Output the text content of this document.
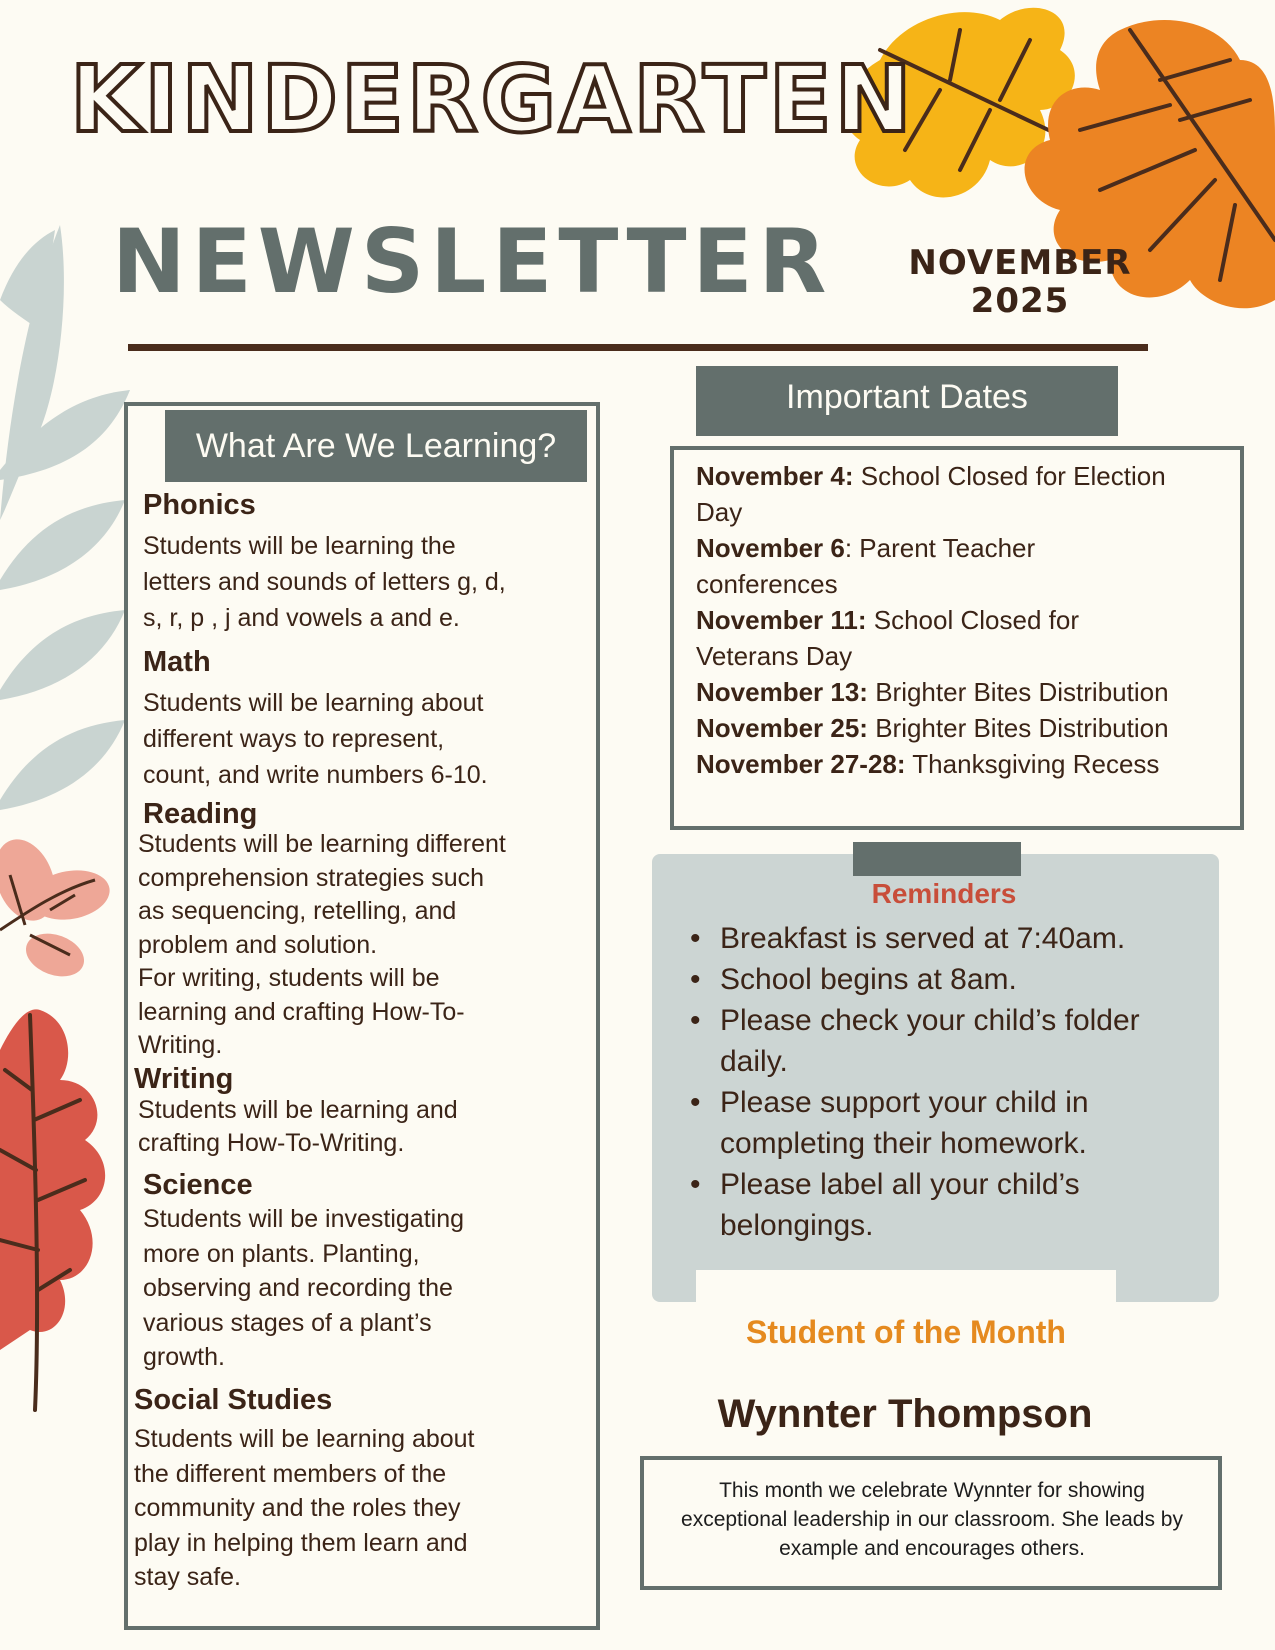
KINDERGARTEN
NEWSLETTER NOVEMBER
2025
What Are We Learning?
Phonics
Students will be learning the
letters and sounds of letters g, d,
s, r, p , j and vowels a and e.
Math
Students will be learning about
different ways to represent,
count, and write numbers 6-10.
Reading
Students will be learning different
comprehension strategies such
as sequencing, retelling, and
problem and solution.
For writing, students will be
learning and crafting How-To-
Writing.
Writing
Students will be learning and
crafting How-To-Writing.
Science
Students will be investigating
more on plants. Planting,
observing and recording the
various stages of a plant’s
growth.
Social Studies
Students will be learning about
the different members of the
community and the roles they
play in helping them learn and
stay safe.
Important Dates
November 4: School Closed for Election
Day
November 6: Parent Teacher
conferences
November 11: School Closed for
Veterans Day
November 13: Brighter Bites Distribution
November 25: Brighter Bites Distribution
November 27-28: Thanksgiving Recess
Reminders
• Breakfast is served at 7:40am.
• School begins at 8am.
• Please check your child’s folder
daily.
• Please support your child in
completing their homework.
• Please label all your child’s
belongings.
Student of the Month
Wynnter Thompson
This month we celebrate Wynnter for showing
exceptional leadership in our classroom. She leads by
example and encourages others.
